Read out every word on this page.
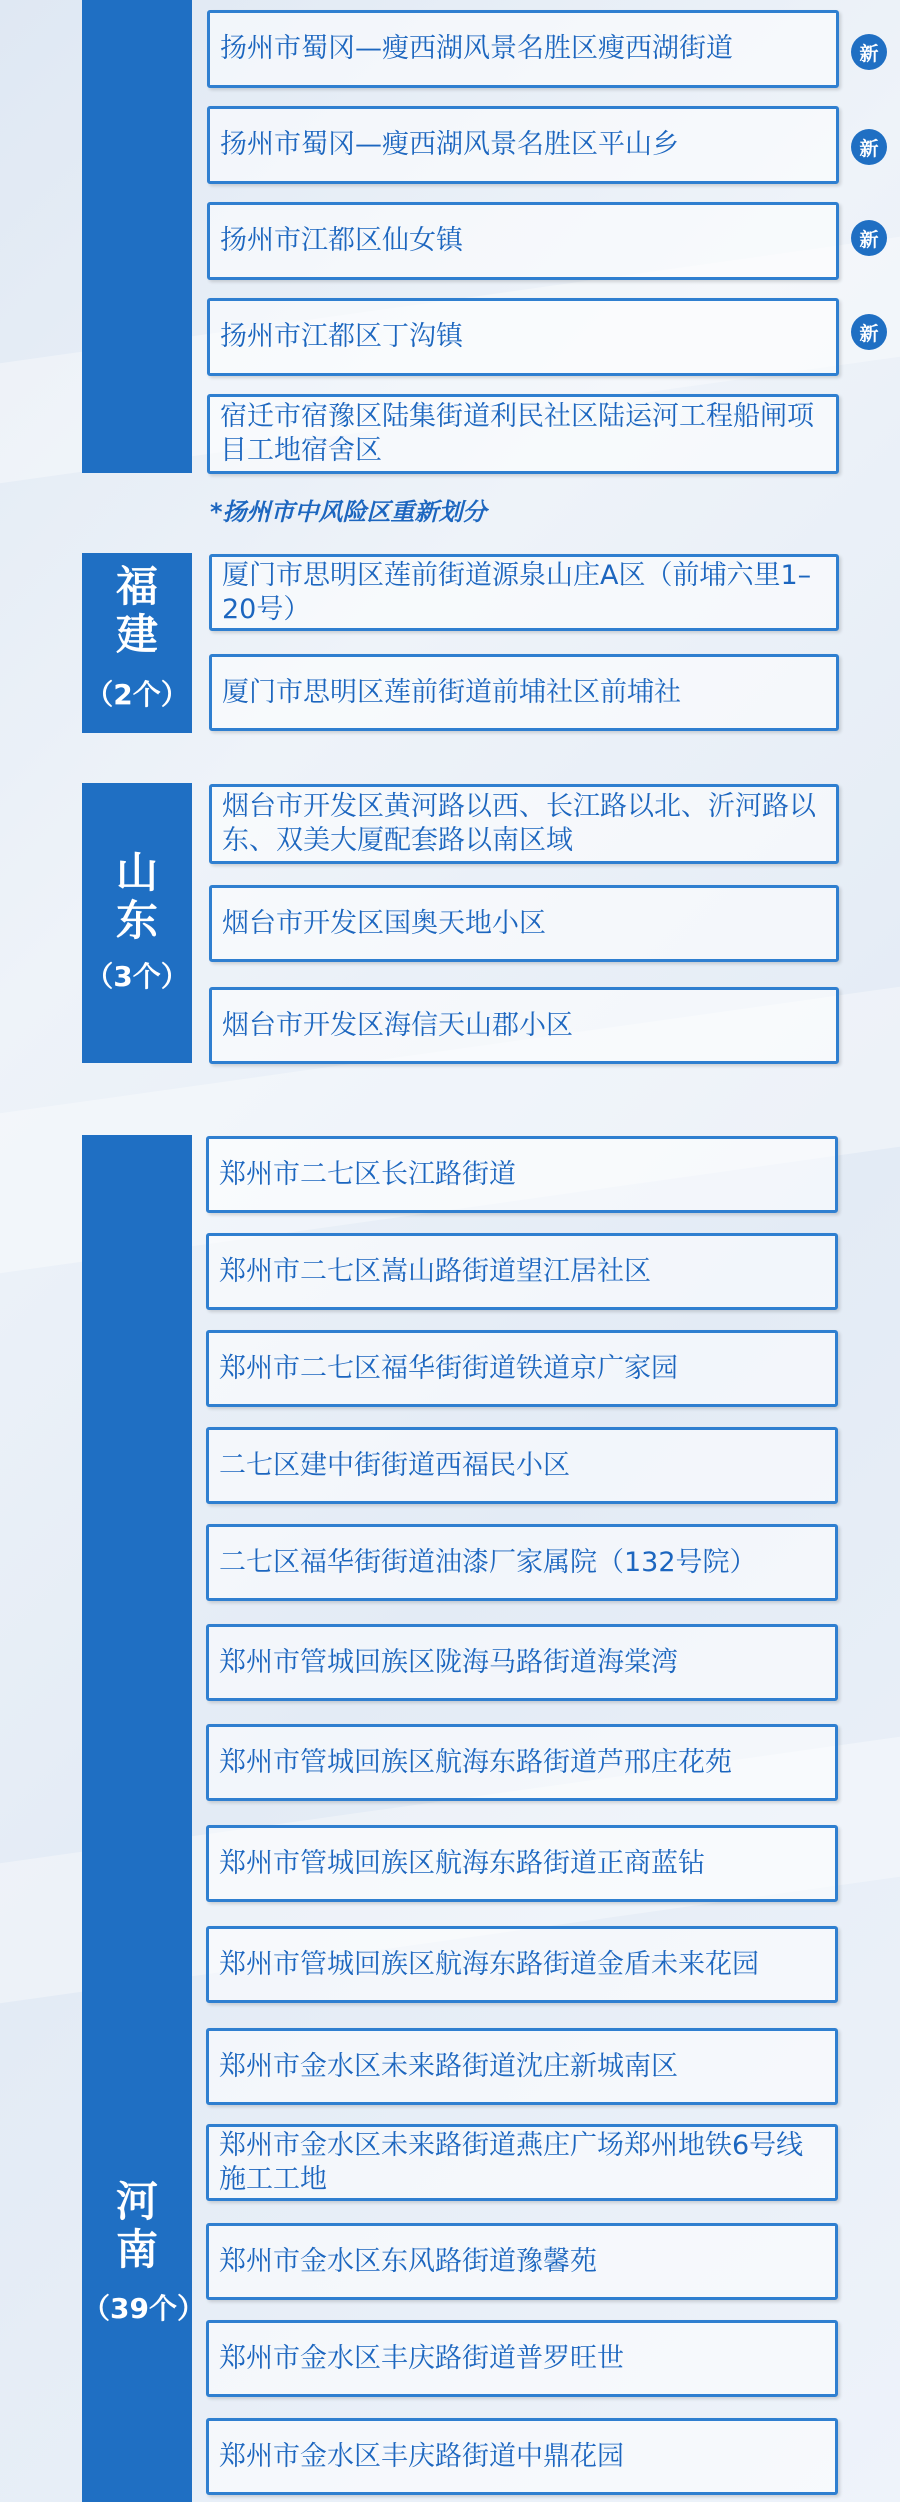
扬州市蜀冈—瘦西湖风景名胜区瘦西湖街道	新
扬州市蜀冈—瘦西湖风景名胜区平山乡	新
扬州市江都区仙女镇	新
扬州市江都区丁沟镇	新
宿迁市宿豫区陆集街道利民社区陆运河工程船闸项目工地宿舍区
*扬州市中风险区重新划分
福建
（2个）
厦门市思明区莲前街道源泉山庄A区（前埔六里1–20号）
厦门市思明区莲前街道前埔社区前埔社
山东
（3个）
烟台市开发区黄河路以西、长江路以北、沂河路以东、双美大厦配套路以南区域
烟台市开发区国奥天地小区
烟台市开发区海信天山郡小区
河南
（39个）
郑州市二七区长江路街道
郑州市二七区嵩山路街道望江居社区
郑州市二七区福华街街道铁道京广家园
二七区建中街街道西福民小区
二七区福华街街道油漆厂家属院（132号院）
郑州市管城回族区陇海马路街道海棠湾
郑州市管城回族区航海东路街道芦邢庄花苑
郑州市管城回族区航海东路街道正商蓝钻
郑州市管城回族区航海东路街道金盾未来花园
郑州市金水区未来路街道沈庄新城南区
郑州市金水区未来路街道燕庄广场郑州地铁6号线施工工地
郑州市金水区东风路街道豫馨苑
郑州市金水区丰庆路街道普罗旺世
郑州市金水区丰庆路街道中鼎花园
